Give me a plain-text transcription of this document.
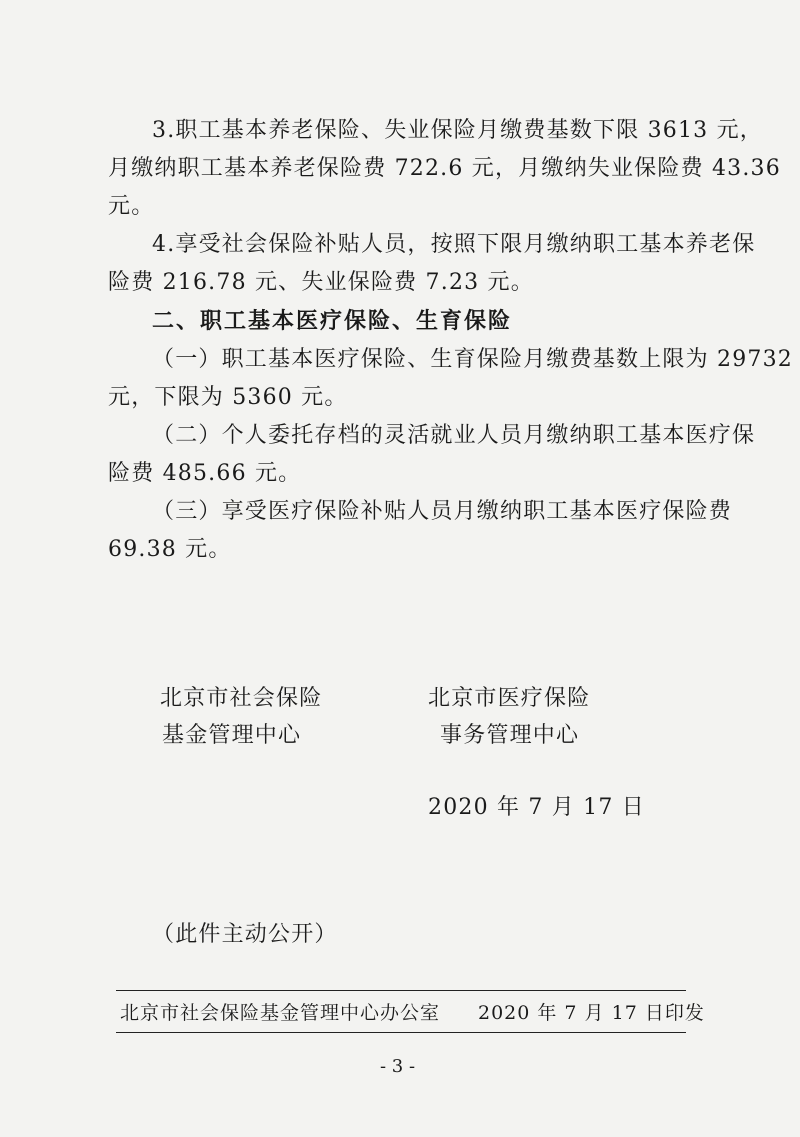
3.职工基本养老保险、失业保险月缴费基数下限 3613 元，
月缴纳职工基本养老保险费 722.6 元，月缴纳失业保险费 43.36
元。
4.享受社会保险补贴人员，按照下限月缴纳职工基本养老保
险费 216.78 元、失业保险费 7.23 元。
二、职工基本医疗保险、生育保险
（一）职工基本医疗保险、生育保险月缴费基数上限为 29732
元，下限为 5360 元。
（二）个人委托存档的灵活就业人员月缴纳职工基本医疗保
险费 485.66 元。
（三）享受医疗保险补贴人员月缴纳职工基本医疗保险费
69.38 元。
北京市社会保险
基金管理中心
北京市医疗保险
事务管理中心
2020 年 7 月 17 日
（此件主动公开）
北京市社会保险基金管理中心办公室 2020 年 7 月 17 日印发
- 3 -
